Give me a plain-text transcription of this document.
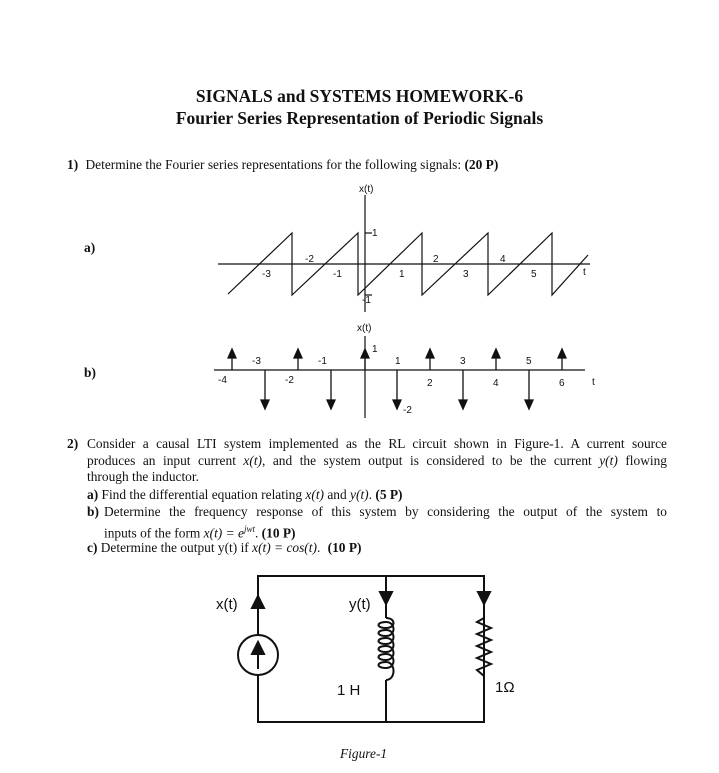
SIGNALS and SYSTEMS HOMEWORK-6
Fourier Series Representation of Periodic Signals
1) Determine the Fourier series representations for the following signals: (20 P)
a)
b)
x(t)
t
1
-1
-2	2	4
-3	-1	1	3	5
x(t)
t
1
-2
-3	-1	1	3	5
-4	-2	2	4	6
x(t)	y(t)
1 H	1Ω
2) Consider a causal LTI system implemented as the RL circuit shown in Figure-1. A current source
produces an input current x(t), and the system output is considered to be the current y(t) flowing
through the inductor.
a) Find the differential equation relating x(t) and y(t). (5 P)
b) Determine the frequency response of this system by considering the output of the system to
inputs of the form $x(t) = e^{jwt}$. (10 P)
c) Determine the output y(t) if x(t) = cos(t). (10 P)
Figure-1
